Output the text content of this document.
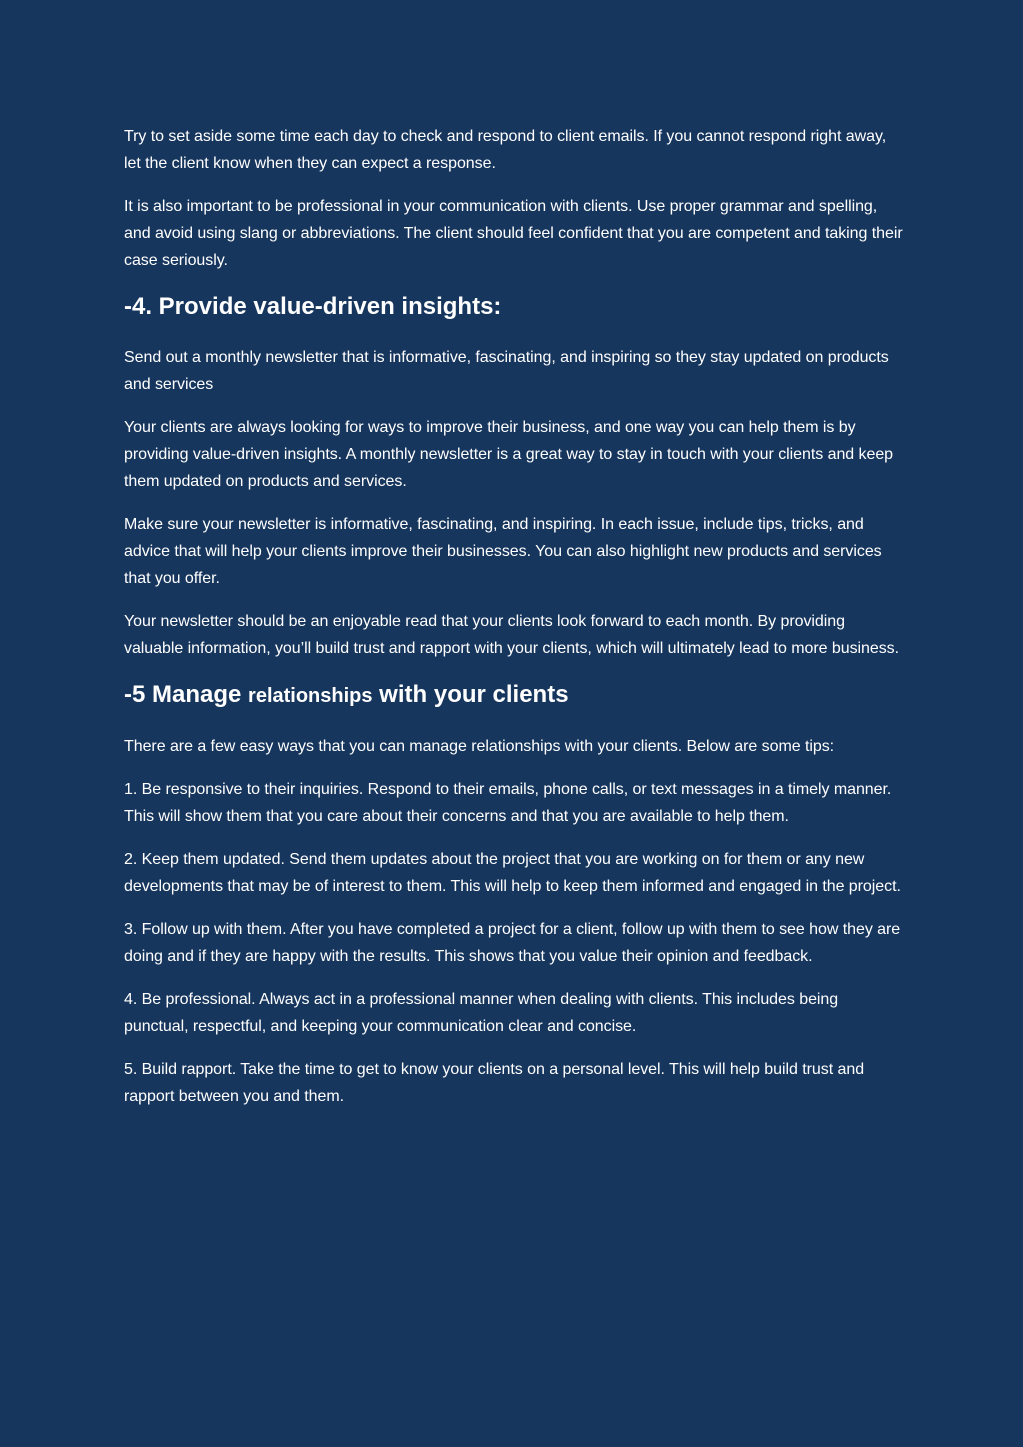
Try to set aside some time each day to check and respond to client emails. If you cannot respond right away, let the client know when they can expect a response.

It is also important to be professional in your communication with clients. Use proper grammar and spelling, and avoid using slang or abbreviations. The client should feel confident that you are competent and taking their case seriously.

-4. Provide value-driven insights:

Send out a monthly newsletter that is informative, fascinating, and inspiring so they stay updated on products and services

Your clients are always looking for ways to improve their business, and one way you can help them is by providing value-driven insights. A monthly newsletter is a great way to stay in touch with your clients and keep them updated on products and services.

Make sure your newsletter is informative, fascinating, and inspiring. In each issue, include tips, tricks, and advice that will help your clients improve their businesses. You can also highlight new products and services that you offer.

Your newsletter should be an enjoyable read that your clients look forward to each month. By providing valuable information, you’ll build trust and rapport with your clients, which will ultimately lead to more business.

-5 Manage relationships with your clients

There are a few easy ways that you can manage relationships with your clients. Below are some tips:

1. Be responsive to their inquiries. Respond to their emails, phone calls, or text messages in a timely manner. This will show them that you care about their concerns and that you are available to help them.

2. Keep them updated. Send them updates about the project that you are working on for them or any new developments that may be of interest to them. This will help to keep them informed and engaged in the project.

3. Follow up with them. After you have completed a project for a client, follow up with them to see how they are doing and if they are happy with the results. This shows that you value their opinion and feedback.

4. Be professional. Always act in a professional manner when dealing with clients. This includes being punctual, respectful, and keeping your communication clear and concise.

5. Build rapport. Take the time to get to know your clients on a personal level. This will help build trust and rapport between you and them.
